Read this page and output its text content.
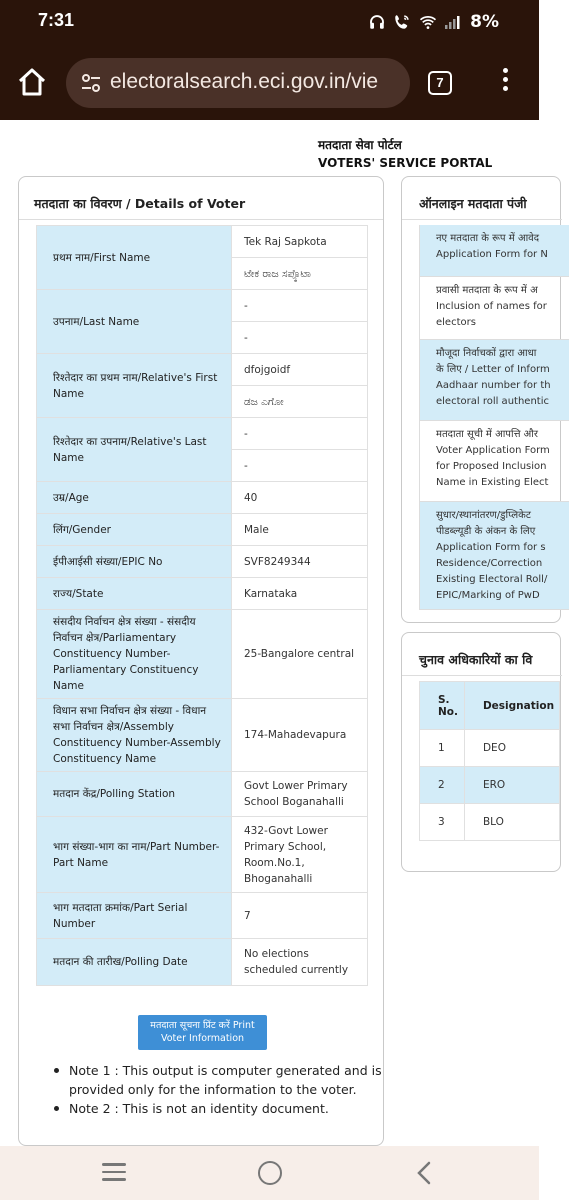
7:31	8%
electoralsearch.eci.gov.in/vie	7
मतदाता सेवा पोर्टल
VOTERS' SERVICE PORTAL
मतदाता का विवरण / Details of Voter
प्रथम नाम/First Name	Tek Raj Sapkota
	ಟೇಕ ರಾಜ ಸಪ್ಕೊಟಾ
उपनाम/Last Name	-
	-
रिश्तेदार का प्रथम नाम/Relative's First Name	dfojgoidf
	ಡಜ ಎಗೋ
रिश्तेदार का उपनाम/Relative's Last Name	-
	-
उम्र/Age	40
लिंग/Gender	Male
ईपीआईसी संख्या/EPIC No	SVF8249344
राज्य/State	Karnataka
संसदीय निर्वाचन क्षेत्र संख्या - संसदीय निर्वाचन क्षेत्र/Parliamentary Constituency Number-Parliamentary Constituency Name	25-Bangalore central
विधान सभा निर्वाचन क्षेत्र संख्या - विधान सभा निर्वाचन क्षेत्र/Assembly Constituency Number-Assembly Constituency Name	174-Mahadevapura
मतदान केंद्र/Polling Station	Govt Lower Primary School Boganahalli
भाग संख्या-भाग का नाम/Part Number-Part Name	432-Govt Lower Primary School, Room.No.1, Bhoganahalli
भाग मतदाता क्रमांक/Part Serial Number	7
मतदान की तारीख/Polling Date	No elections scheduled currently
मतदाता सूचना प्रिंट करें Print Voter Information
Note 1 : This output is computer generated and is provided only for the information to the voter.
Note 2 : This is not an identity document.
ऑनलाइन मतदाता पंजी
नए मतदाता के रूप में आवेद
Application Form for N
प्रवासी मतदाता के रूप में अ
Inclusion of names for
electors
मौजूदा निर्वाचकों द्वारा आधा
के लिए / Letter of Inform
Aadhaar number for th
electoral roll authentic
मतदाता सूची में आपत्ति और
Voter Application Form
for Proposed Inclusion
Name in Existing Elect
सुधार/स्थानांतरण/डुप्लिकेट
पीडब्ल्यूडी के अंकन के लिए
Application Form for s
Residence/Correction
Existing Electoral Roll/
EPIC/Marking of PwD
चुनाव अधिकारियों का वि
S. No.	Designation
1	DEO
2	ERO
3	BLO
